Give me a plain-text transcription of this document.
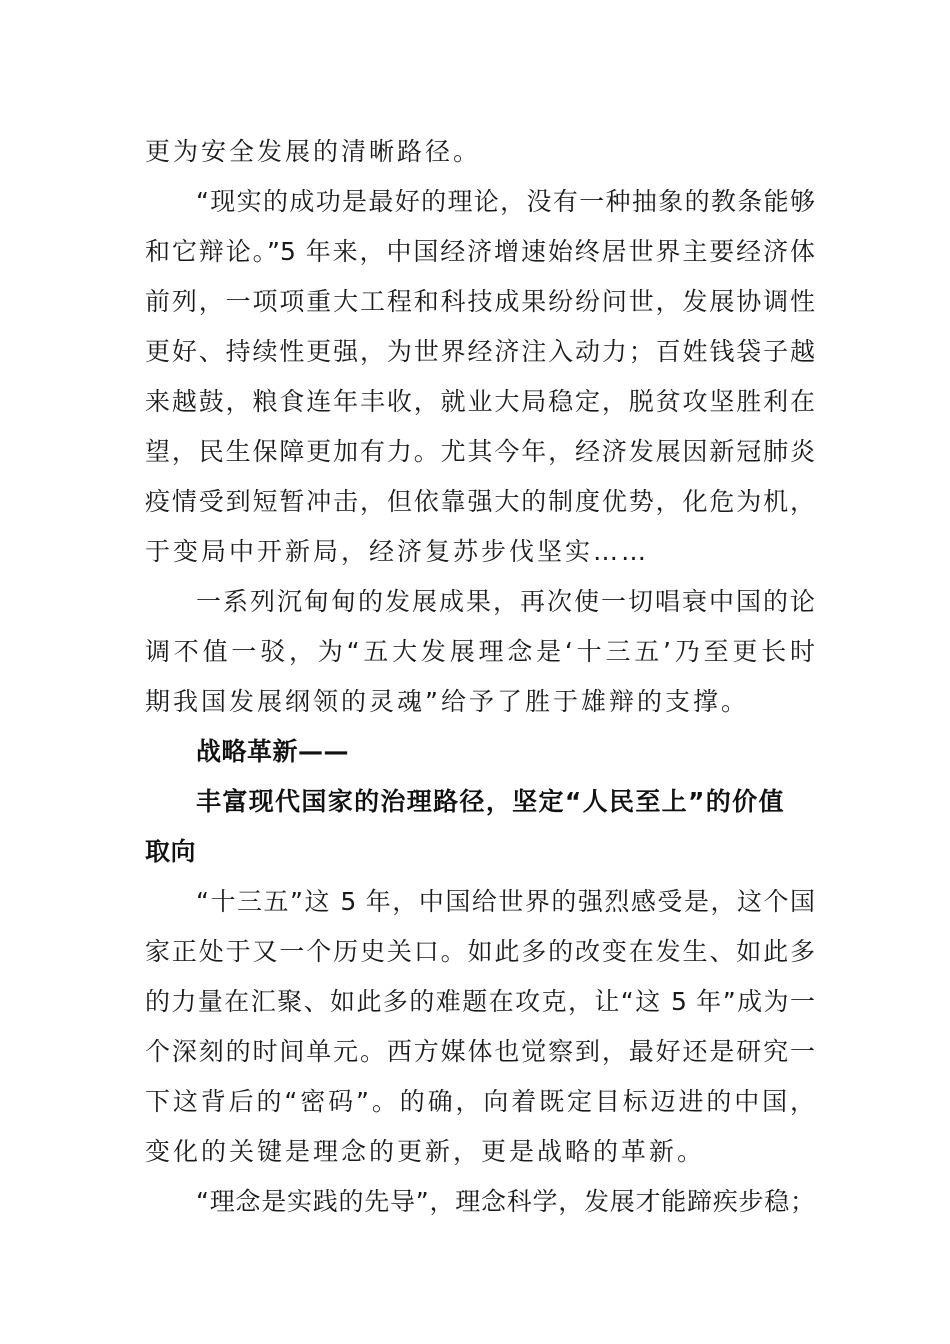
更为安全发展的清晰路径。
“现实的成功是最好的理论，没有一种抽象的教条能够
和它辩论。”5 年来，中国经济增速始终居世界主要经济体
前列，一项项重大工程和科技成果纷纷问世，发展协调性
更好、持续性更强，为世界经济注入动力；百姓钱袋子越
来越鼓，粮食连年丰收，就业大局稳定，脱贫攻坚胜利在
望，民生保障更加有力。尤其今年，经济发展因新冠肺炎
疫情受到短暂冲击，但依靠强大的制度优势，化危为机，
于变局中开新局，经济复苏步伐坚实……
一系列沉甸甸的发展成果，再次使一切唱衰中国的论
调不值一驳，为“五大发展理念是‘十三五’乃至更长时
期我国发展纲领的灵魂”给予了胜于雄辩的支撑。
战略革新——
丰富现代国家的治理路径，坚定“人民至上”的价值
取向
“十三五”这 5 年，中国给世界的强烈感受是，这个国
家正处于又一个历史关口。如此多的改变在发生、如此多
的力量在汇聚、如此多的难题在攻克，让“这 5 年”成为一
个深刻的时间单元。西方媒体也觉察到，最好还是研究一
下这背后的“密码”。的确，向着既定目标迈进的中国，
变化的关键是理念的更新，更是战略的革新。
“理念是实践的先导”，理念科学，发展才能蹄疾步稳；
